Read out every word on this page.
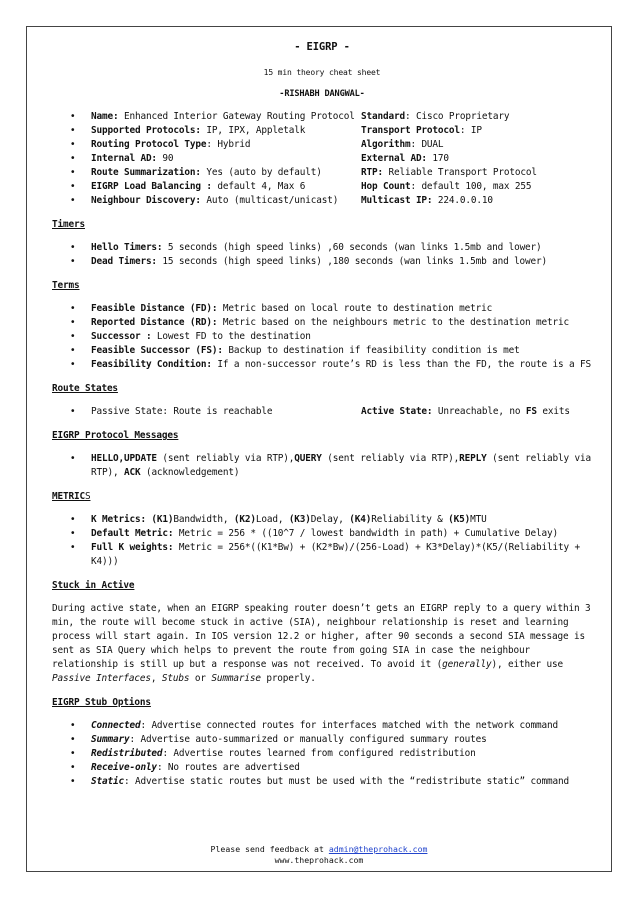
- EIGRP -
15 min theory cheat sheet
-RISHABH DANGWAL-
• Name: Enhanced Interior Gateway Routing Protocol Standard: Cisco Proprietary
• Supported Protocols: IP, IPX, Appletalk	Transport Protocol: IP
• Routing Protocol Type: Hybrid	Algorithm: DUAL
• Internal AD: 90	External AD: 170
• Route Summarization: Yes (auto by default)	RTP: Reliable Transport Protocol
• EIGRP Load Balancing : default 4, Max 6	Hop Count: default 100, max 255
• Neighbour Discovery: Auto (multicast/unicast)	Multicast IP: 224.0.0.10
Timers
• Hello Timers: 5 seconds (high speed links) ,60 seconds (wan links 1.5mb and lower)
• Dead Timers: 15 seconds (high speed links) ,180 seconds (wan links 1.5mb and lower)
Terms
• Feasible Distance (FD): Metric based on local route to destination metric
• Reported Distance (RD): Metric based on the neighbours metric to the destination metric
• Successor : Lowest FD to the destination
• Feasible Successor (FS): Backup to destination if feasibility condition is met
• Feasibility Condition: If a non-successor route’s RD is less than the FD, the route is a FS
Route States
• Passive State: Route is reachable	Active State: Unreachable, no FS exits
EIGRP Protocol Messages
• HELLO,UPDATE (sent reliably via RTP),QUERY (sent reliably via RTP),REPLY (sent reliably via RTP), ACK (acknowledgement)
METRICS
• K Metrics: (K1)Bandwidth, (K2)Load, (K3)Delay, (K4)Reliability & (K5)MTU
• Default Metric: Metric = 256 * ((10^7 / lowest bandwidth in path) + Cumulative Delay)
• Full K weights: Metric = 256*((K1*Bw) + (K2*Bw)/(256-Load) + K3*Delay)*(K5/(Reliability + K4)))
Stuck in Active
During active state, when an EIGRP speaking router doesn’t gets an EIGRP reply to a query within 3 min, the route will become stuck in active (SIA), neighbour relationship is reset and learning process will start again. In IOS version 12.2 or higher, after 90 seconds a second SIA message is sent as SIA Query which helps to prevent the route from going SIA in case the neighbour relationship is still up but a response was not received. To avoid it (generally), either use Passive Interfaces, Stubs or Summarise properly.
EIGRP Stub Options
• Connected: Advertise connected routes for interfaces matched with the network command
• Summary: Advertise auto-summarized or manually configured summary routes
• Redistributed: Advertise routes learned from configured redistribution
• Receive-only: No routes are advertised
• Static: Advertise static routes but must be used with the “redistribute static” command
Please send feedback at admin@theprohack.com
www.theprohack.com
